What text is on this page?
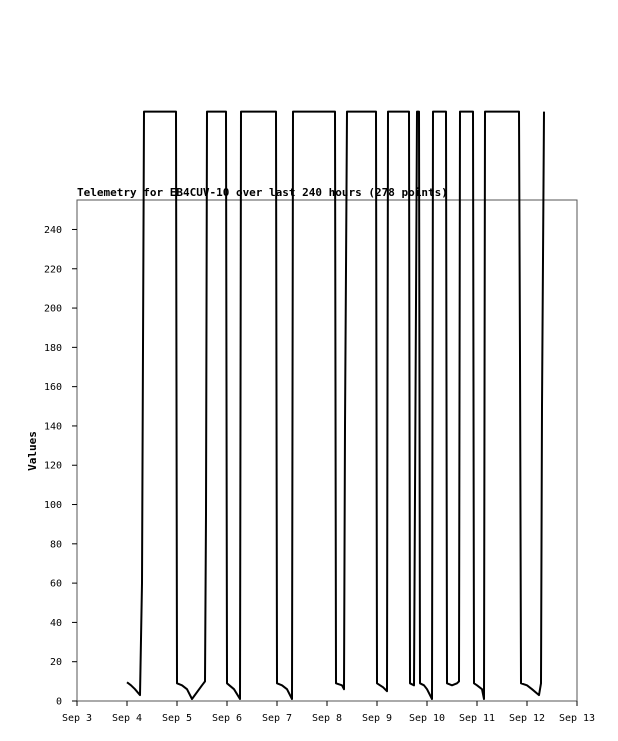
Telemetry for EB4CUV-10 over last 240 hours (278 points)
0
20
40
60
80
100
120
140
160
180
200
220
240
Sep 3 Sep 4 Sep 5 Sep 6 Sep 7 Sep 8 Sep 9 Sep 10 Sep 11 Sep 12 Sep 13
Values
